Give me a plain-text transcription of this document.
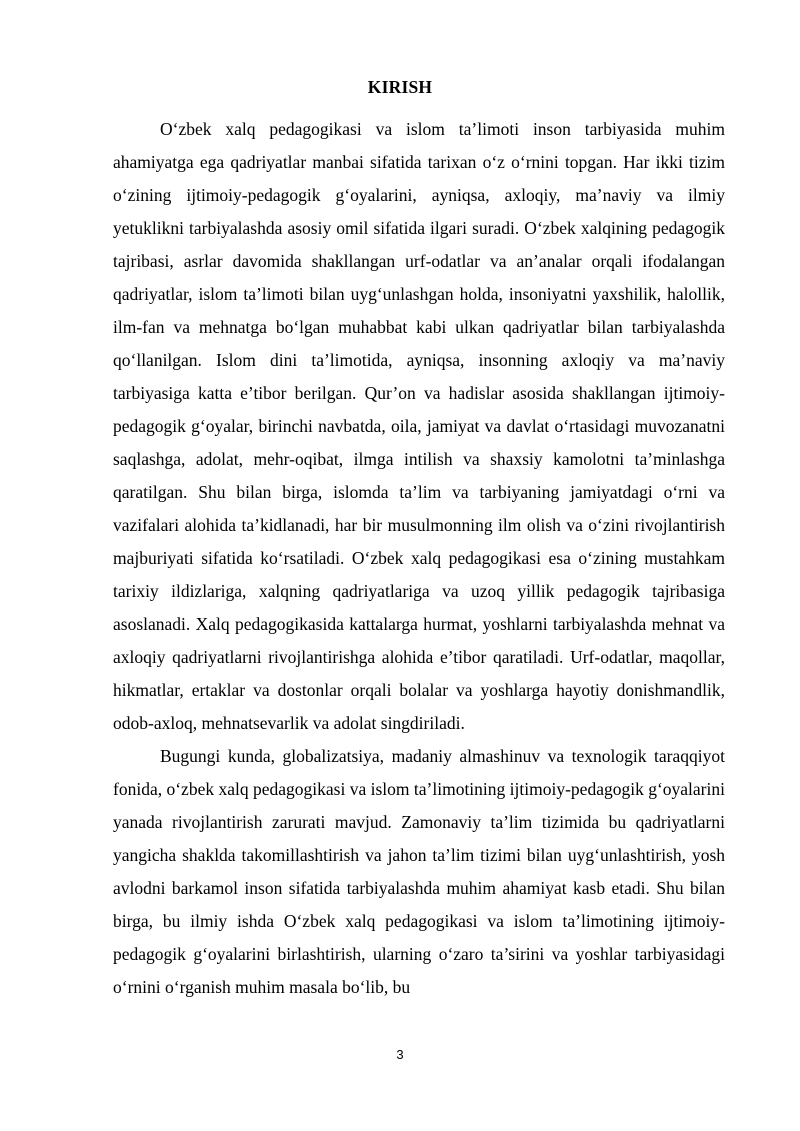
KIRISH

O‘zbek xalq pedagogikasi va islom ta’limoti inson tarbiyasida muhim ahamiyatga ega qadriyatlar manbai sifatida tarixan o‘z o‘rnini topgan. Har ikki tizim o‘zining ijtimoiy-pedagogik g‘oyalarini, ayniqsa, axloqiy, ma’naviy va ilmiy yetuklikni tarbiyalashda asosiy omil sifatida ilgari suradi. O‘zbek xalqining pedagogik tajribasi, asrlar davomida shakllangan urf-odatlar va an’analar orqali ifodalangan qadriyatlar, islom ta’limoti bilan uyg‘unlashgan holda, insoniyatni yaxshilik, halollik, ilm-fan va mehnatga bo‘lgan muhabbat kabi ulkan qadriyatlar bilan tarbiyalashda qo‘llanilgan. Islom dini ta’limotida, ayniqsa, insonning axloqiy va ma’naviy tarbiyasiga katta e’tibor berilgan. Qur’on va hadislar asosida shakllangan ijtimoiy-pedagogik g‘oyalar, birinchi navbatda, oila, jamiyat va davlat o‘rtasidagi muvozanatni saqlashga, adolat, mehr-oqibat, ilmga intilish va shaxsiy kamolotni ta’minlashga qaratilgan. Shu bilan birga, islomda ta’lim va tarbiyaning jamiyatdagi o‘rni va vazifalari alohida ta’kidlanadi, har bir musulmonning ilm olish va o‘zini rivojlantirish majburiyati sifatida ko‘rsatiladi. O‘zbek xalq pedagogikasi esa o‘zining mustahkam tarixiy ildizlariga, xalqning qadriyatlariga va uzoq yillik pedagogik tajribasiga asoslanadi. Xalq pedagogikasida kattalarga hurmat, yoshlarni tarbiyalashda mehnat va axloqiy qadriyatlarni rivojlantirishga alohida e’tibor qaratiladi. Urf-odatlar, maqollar, hikmatlar, ertaklar va dostonlar orqali bolalar va yoshlarga hayotiy donishmandlik, odob-axloq, mehnatsevarlik va adolat singdiriladi.

Bugungi kunda, globalizatsiya, madaniy almashinuv va texnologik taraqqiyot fonida, o‘zbek xalq pedagogikasi va islom ta’limotining ijtimoiy-pedagogik g‘oyalarini yanada rivojlantirish zarurati mavjud. Zamonaviy ta’lim tizimida bu qadriyatlarni yangicha shaklda takomillashtirish va jahon ta’lim tizimi bilan uyg‘unlashtirish, yosh avlodni barkamol inson sifatida tarbiyalashda muhim ahamiyat kasb etadi. Shu bilan birga, bu ilmiy ishda O‘zbek xalq pedagogikasi va islom ta’limotining ijtimoiy-pedagogik g‘oyalarini birlashtirish, ularning o‘zaro ta’sirini va yoshlar tarbiyasidagi o‘rnini o‘rganish muhim masala bo‘lib, bu

3
